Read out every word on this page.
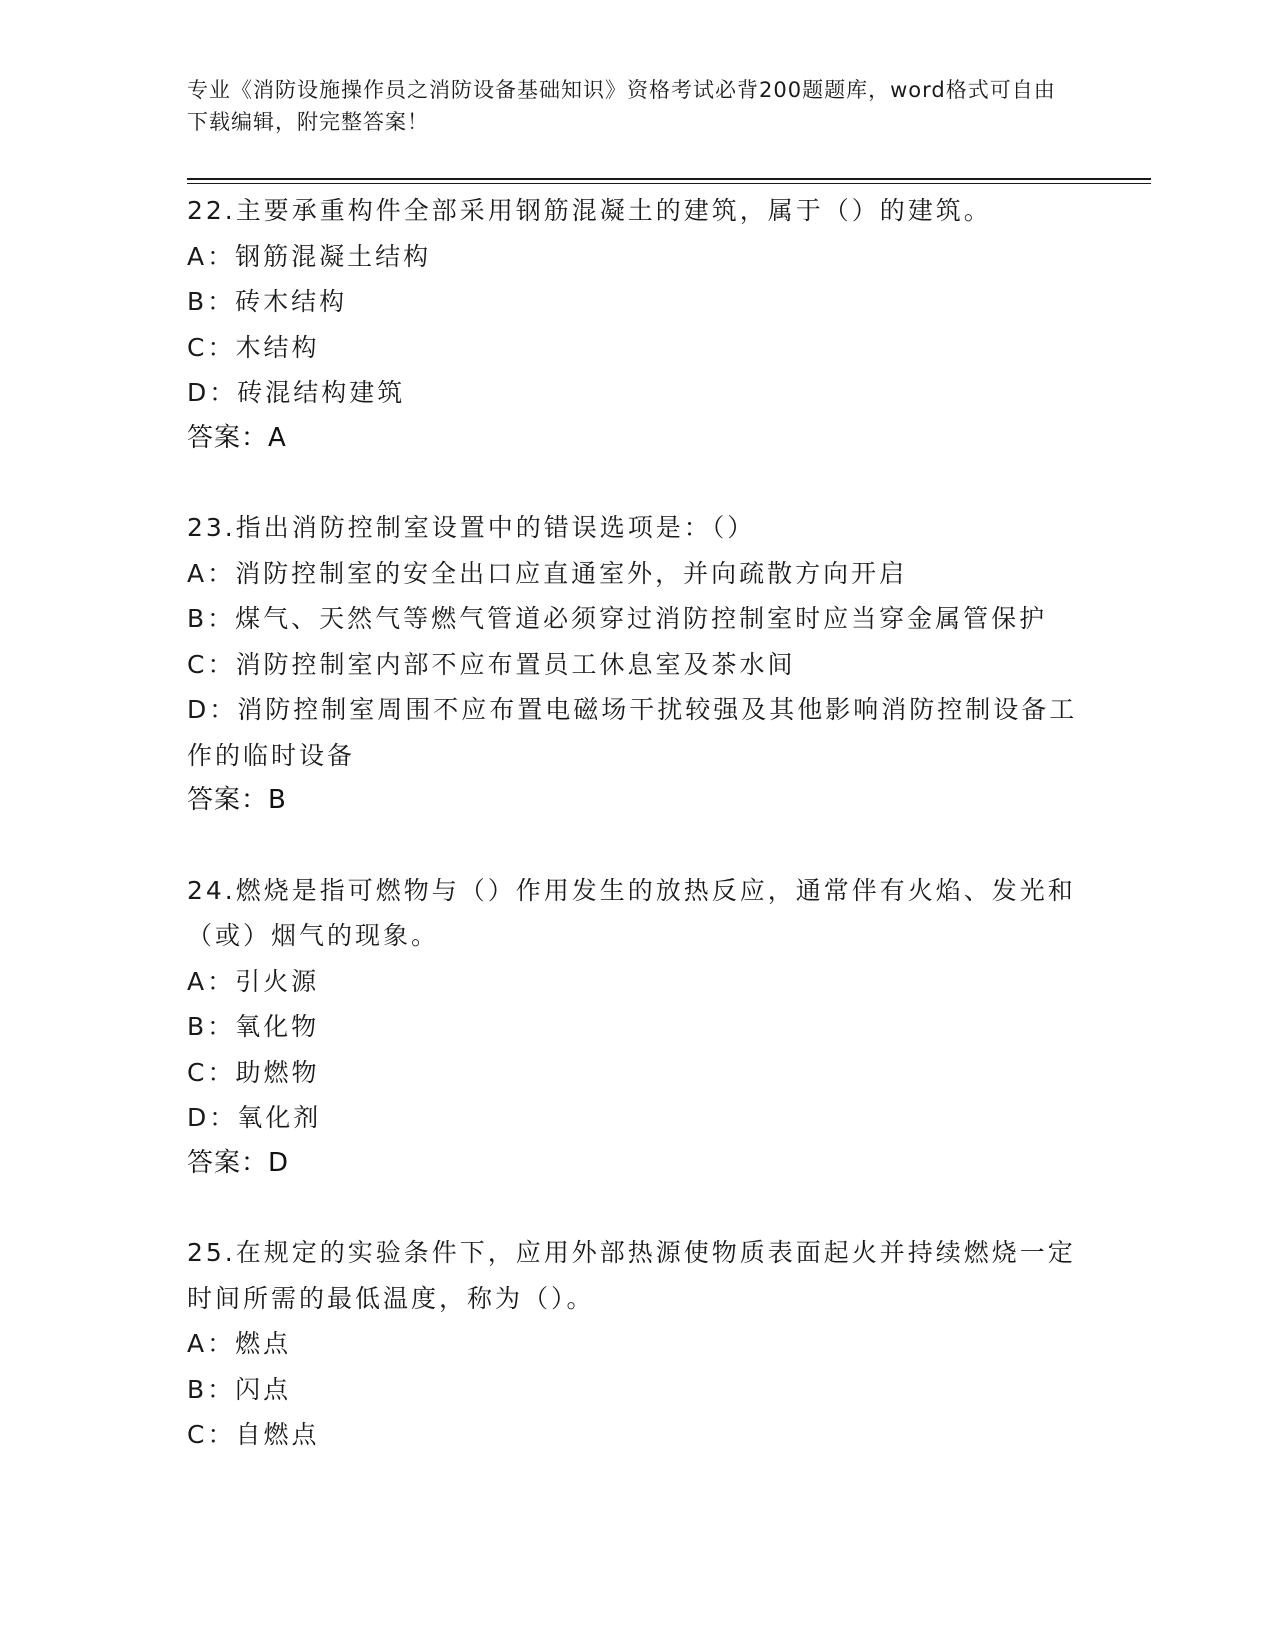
专业《消防设施操作员之消防设备基础知识》资格考试必背200题题库，word格式可自由下载编辑，附完整答案！
22.主要承重构件全部采用钢筋混凝土的建筑，属于（）的建筑。
A：钢筋混凝土结构
B：砖木结构
C：木结构
D：砖混结构建筑
答案：A
23.指出消防控制室设置中的错误选项是：（）
A：消防控制室的安全出口应直通室外，并向疏散方向开启
B：煤气、天然气等燃气管道必须穿过消防控制室时应当穿金属管保护
C：消防控制室内部不应布置员工休息室及茶水间
D：消防控制室周围不应布置电磁场干扰较强及其他影响消防控制设备工作的临时设备
答案：B
24.燃烧是指可燃物与（）作用发生的放热反应，通常伴有火焰、发光和（或）烟气的现象。
A：引火源
B：氧化物
C：助燃物
D：氧化剂
答案：D
25.在规定的实验条件下，应用外部热源使物质表面起火并持续燃烧一定时间所需的最低温度，称为（）。
A：燃点
B：闪点
C：自燃点
